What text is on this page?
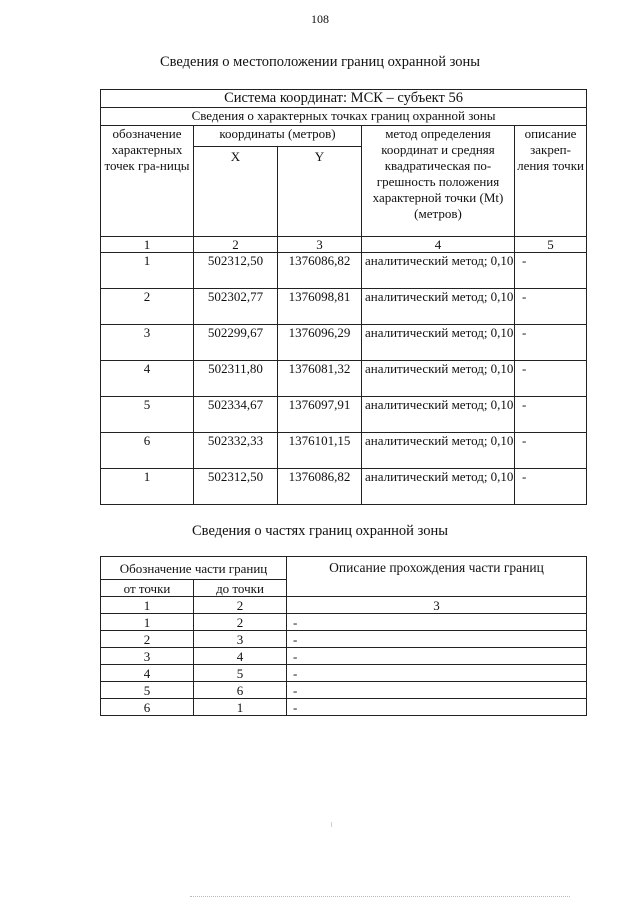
108
Сведения о местоположении границ охранной зоны
Система координат: МСК – субъект 56				
Сведения о характерных точках границ охранной зоны				
обозначение характерных точек гра-ницы	координаты (метров)		метод определения координат и средняя квадратическая по-грешность положения характерной точки (Mt) (метров)	описание закреп-ления точки
	X	Y		
1	2	3	4	5
1	502312,50	1376086,82	аналитический метод; 0,10	-
2	502302,77	1376098,81	аналитический метод; 0,10	-
3	502299,67	1376096,29	аналитический метод; 0,10	-
4	502311,80	1376081,32	аналитический метод; 0,10	-
5	502334,67	1376097,91	аналитический метод; 0,10	-
6	502332,33	1376101,15	аналитический метод; 0,10	-
1	502312,50	1376086,82	аналитический метод; 0,10	-
Сведения о частях границ охранной зоны
Обозначение части границ		Описание прохождения части границ
от точки	до точки	
1	2	3
1	2	-
2	3	-
3	4	-
4	5	-
5	6	-
6	1	-
